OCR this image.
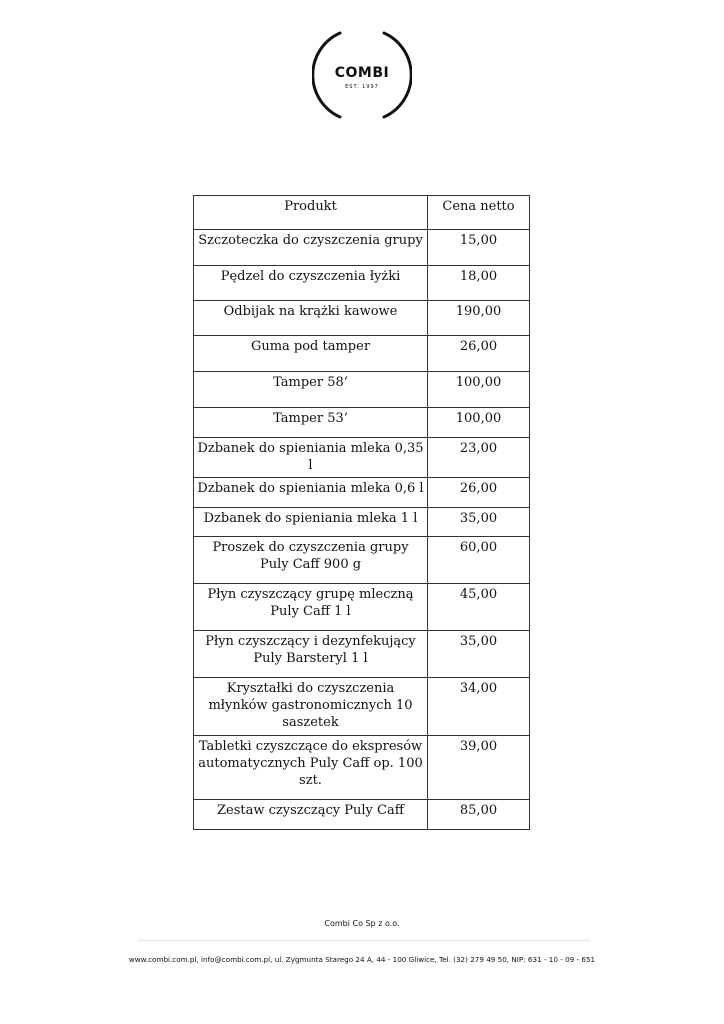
COMBI
EST. 1997
Produkt	Cena netto
Szczoteczka do czyszczenia grupy	15,00
Pędzel do czyszczenia łyżki	18,00
Odbijak na krążki kawowe	190,00
Guma pod tamper	26,00
Tamper 58‘	100,00
Tamper 53‘	100,00
Dzbanek do spieniania mleka 0,35 l	23,00
Dzbanek do spieniania mleka 0,6 l	26,00
Dzbanek do spieniania mleka 1 l	35,00
Proszek do czyszczenia grupy Puly Caff 900 g	60,00
Płyn czyszczący grupę mleczną Puly Caff 1 l	45,00
Płyn czyszczący i dezynfekujący Puly Barsteryl 1 l	35,00
Kryształki do czyszczenia młynków gastronomicznych 10 saszetek	34,00
Tabletki czyszczące do ekspresów automatycznych Puly Caff op. 100 szt.	39,00
Zestaw czyszczący Puly Caff	85,00
Combi Co Sp z o.o.
www.combi.com.pl, info@combi.com.pl, ul. Zygmunta Starego 24 A, 44 - 100 Gliwice, Tel. (32) 279 49 50, NIP: 631 - 10 - 09 - 651
